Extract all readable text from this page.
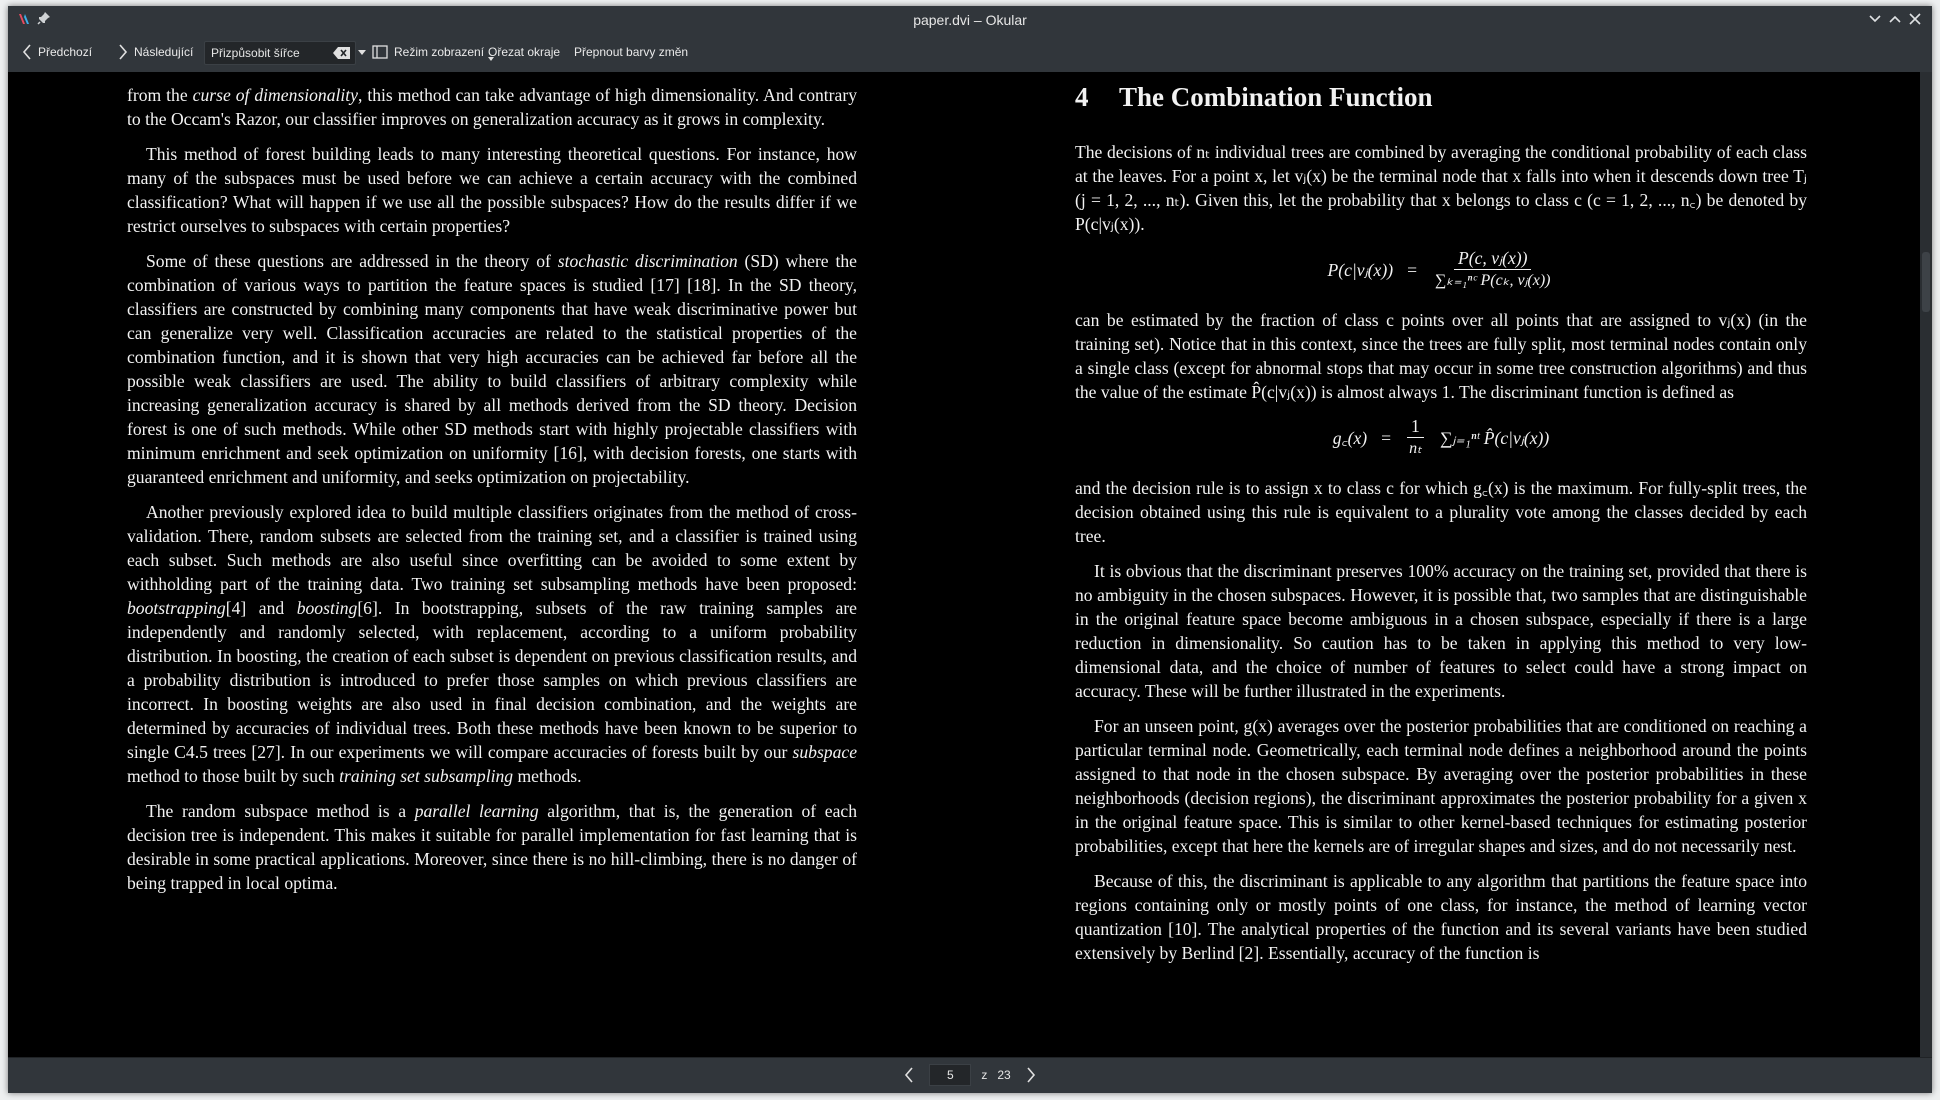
paper.dvi – Okular
Předchozí	Následující	Přizpůsobit šířce	Režim zobrazení Ořezat okraje Přepnout barvy změn

from the curse of dimensionality, this method can take advantage of high dimensionality. And contrary to the Occam's Razor, our classifier improves on generalization accuracy as it grows in complexity.

This method of forest building leads to many interesting theoretical questions. For instance, how many of the subspaces must be used before we can achieve a certain accuracy with the combined classification? What will happen if we use all the possible subspaces? How do the results differ if we restrict ourselves to subspaces with certain properties?

Some of these questions are addressed in the theory of stochastic discrimination (SD) where the combination of various ways to partition the feature spaces is studied [17] [18]. In the SD theory, classifiers are constructed by combining many components that have weak discriminative power but can generalize very well. Classification accuracies are related to the statistical properties of the combination function, and it is shown that very high accuracies can be achieved far before all the possible weak classifiers are used. The ability to build classifiers of arbitrary complexity while increasing generalization accuracy is shared by all methods derived from the SD theory. Decision forest is one of such methods. While other SD methods start with highly projectable classifiers with minimum enrichment and seek optimization on uniformity [16], with decision forests, one starts with guaranteed enrichment and uniformity, and seeks optimization on projectability.

Another previously explored idea to build multiple classifiers originates from the method of cross-validation. There, random subsets are selected from the training set, and a classifier is trained using each subset. Such methods are also useful since overfitting can be avoided to some extent by withholding part of the training data. Two training set subsampling methods have been proposed: bootstrapping[4] and boosting[6]. In bootstrapping, subsets of the raw training samples are independently and randomly selected, with replacement, according to a uniform probability distribution. In boosting, the creation of each subset is dependent on previous classification results, and a probability distribution is introduced to prefer those samples on which previous classifiers are incorrect. In boosting weights are also used in final decision combination, and the weights are determined by accuracies of individual trees. Both these methods have been known to be superior to single C4.5 trees [27]. In our experiments we will compare accuracies of forests built by our subspace method to those built by such training set subsampling methods.

The random subspace method is a parallel learning algorithm, that is, the generation of each decision tree is independent. This makes it suitable for parallel implementation for fast learning that is desirable in some practical applications. Moreover, since there is no hill-climbing, there is no danger of being trapped in local optima.

4 The Combination Function

The decisions of nₜ individual trees are combined by averaging the conditional probability of each class at the leaves. For a point x, let vⱼ(x) be the terminal node that x falls into when it descends down tree Tⱼ (j = 1, 2, ..., nₜ). Given this, let the probability that x belongs to class c (c = 1, 2, ..., n꜀) be denoted by P(c|vⱼ(x)).

P(c|vⱼ(x)) = $\frac{\text{P(c, vⱼ(x))}}{\text{∑ₖ₌₁ⁿᶜ P(cₖ, vⱼ(x))}}$

can be estimated by the fraction of class c points over all points that are assigned to vⱼ(x) (in the training set). Notice that in this context, since the trees are fully split, most terminal nodes contain only a single class (except for abnormal stops that may occur in some tree construction algorithms) and thus the value of the estimate P̂(c|vⱼ(x)) is almost always 1. The discriminant function is defined as

g꜀(x) = $\frac{1}{\text{nₜ}}$ ∑ⱼ₌₁ⁿᵗ P̂(c|vⱼ(x))

and the decision rule is to assign x to class c for which g꜀(x) is the maximum. For fully-split trees, the decision obtained using this rule is equivalent to a plurality vote among the classes decided by each tree.

It is obvious that the discriminant preserves 100% accuracy on the training set, provided that there is no ambiguity in the chosen subspaces. However, it is possible that, two samples that are distinguishable in the original feature space become ambiguous in a chosen subspace, especially if there is a large reduction in dimensionality. So caution has to be taken in applying this method to very low-dimensional data, and the choice of number of features to select could have a strong impact on accuracy. These will be further illustrated in the experiments.

For an unseen point, g(x) averages over the posterior probabilities that are conditioned on reaching a particular terminal node. Geometrically, each terminal node defines a neighborhood around the points assigned to that node in the chosen subspace. By averaging over the posterior probabilities in these neighborhoods (decision regions), the discriminant approximates the posterior probability for a given x in the original feature space. This is similar to other kernel-based techniques for estimating posterior probabilities, except that here the kernels are of irregular shapes and sizes, and do not necessarily nest.

Because of this, the discriminant is applicable to any algorithm that partitions the feature space into regions containing only or mostly points of one class, for instance, the method of learning vector quantization [10]. The analytical properties of the function and its several variants have been studied extensively by Berlind [2]. Essentially, accuracy of the function is

5	z 23
